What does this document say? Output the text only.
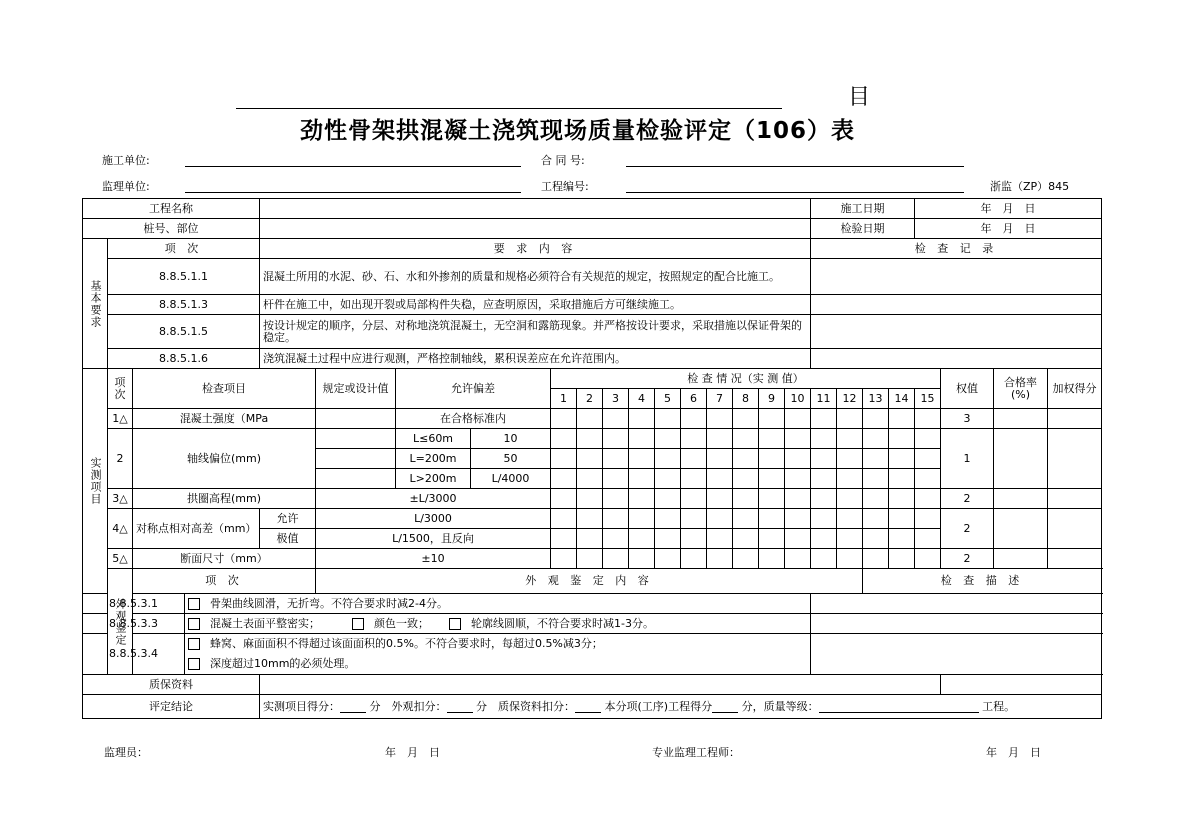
目
劲性骨架拱混凝土浇筑现场质量检验评定（106）表
施工单位:	合 同 号:
监理单位:	工程编号:	浙监（ZP）845
工程名称																		施工日期				年　月　日				
桩号、部位																		检验日期				年　月　日				
基本要求	项 次			要 求 内 容														检 查 记 录								
	8.8.5.1.1			混凝土所用的水泥、砂、石、水和外掺剂的质量和规格必须符合有关规范的规定，按照规定的配合比施工。																						
	8.8.5.1.3			杆件在施工中，如出现开裂或局部构件失稳，应查明原因，采取措施后方可继续施工。																						
	8.8.5.1.5			按设计规定的顺序，分层、对称地浇筑混凝土，无空洞和露筋现象。并严格按设计要求，采取措施以保证骨架的稳定。																						
	8.8.5.1.6			浇筑混凝土过程中应进行观测，严格控制轴线，累积误差应在允许范围内。																						
实测项目	项次	检查项目			规定或设计值	允许偏差		检 查 情 况（实 测 值）															权值	合格率(%)	加权得分	
								1	2	3	4	5	6	7	8	9	10	11	12	13	14	15				
	1△	混凝土强度（MPa				在合格标准内																	3			
	2	轴线偏位(mm)				L≤60m	10																1			
						L=200m	50																			
						L>200m	L/4000																			
	3△	拱圈高程(mm)			±L/3000																		2			
	4△	对称点相对高差（mm）		允许	L/3000																		2			
				极值	L/1500，且反向																					
	5△	断面尺寸（mm）			±10																		2			
	外观鉴定	项 次			外 观 鉴 定 内 容															检 查 描 述	
8.8.5.3.1			骨架曲线圆滑，无折弯。不符合要求时减2-4分。																							
8.8.5.3.3			混凝土表面平整密实； 颜色一致； 轮廓线圆顺，不符合要求时减1-3分。																							
8.8.5.3.4			蜂窝、麻面面积不得超过该面面积的0.5%。不符合要求时，每超过0.5%减3分；
深度超过10mm的必须处理。																							
质保资料																										
评定结论				实测项目得分： 分　外观扣分： 分　质保资料扣分： 本分项(工序)工程得分 分，质量等级： 工程。																						
监理员：	年　月　日	专业监理工程师：	年　月　日
